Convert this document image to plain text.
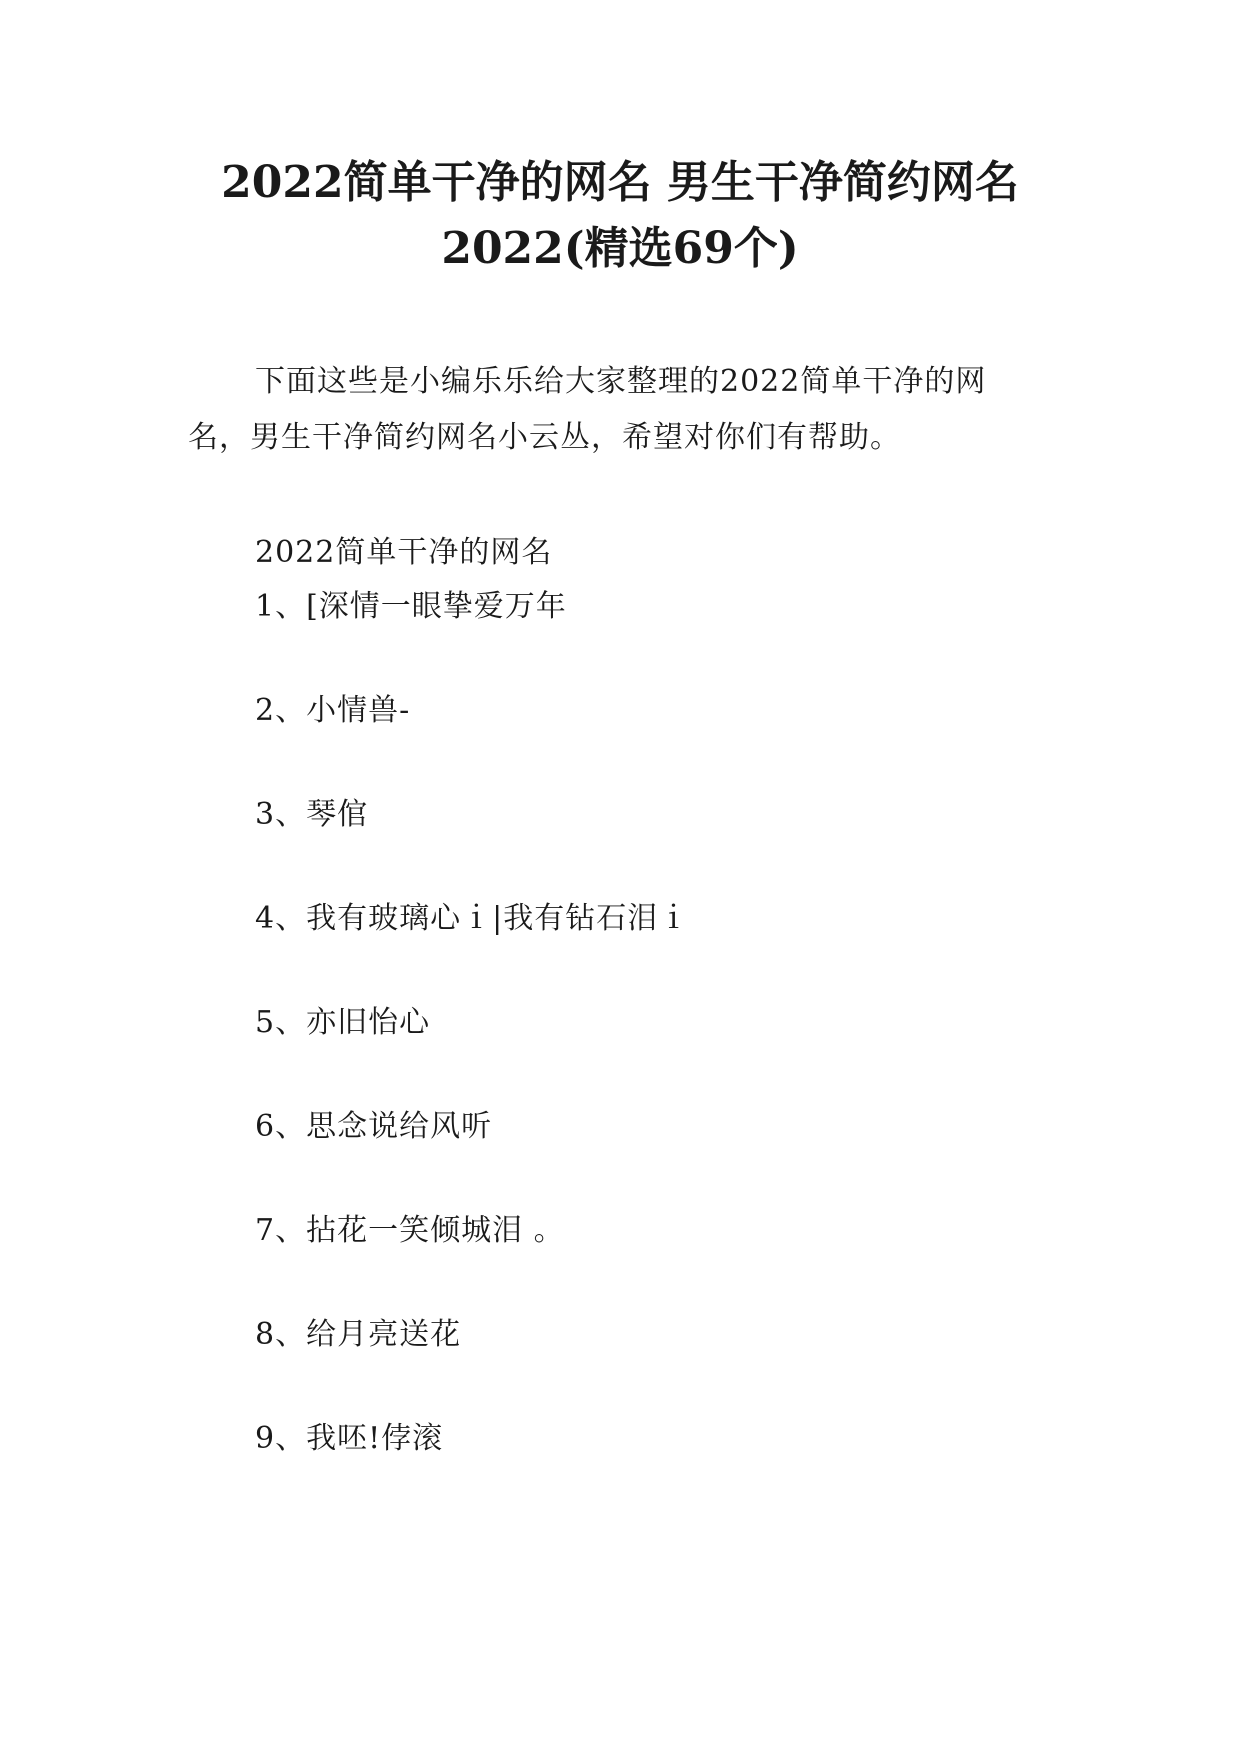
2022简单干净的网名 男生干净简约网名
2022(精选69个)

下面这些是小编乐乐给大家整理的2022简单干净的网

名，男生干净简约网名小云丛，希望对你们有帮助。

2022简单干净的网名

1、[深情一眼挚爱万年

2、小情兽-

3、琴倌

4、我有玻璃心ｉ|我有钻石泪ｉ

5、亦旧怡心

6、思念说给风听

7、拈花一笑倾城泪 。

8、给月亮送花

9、我呸!侼滚
